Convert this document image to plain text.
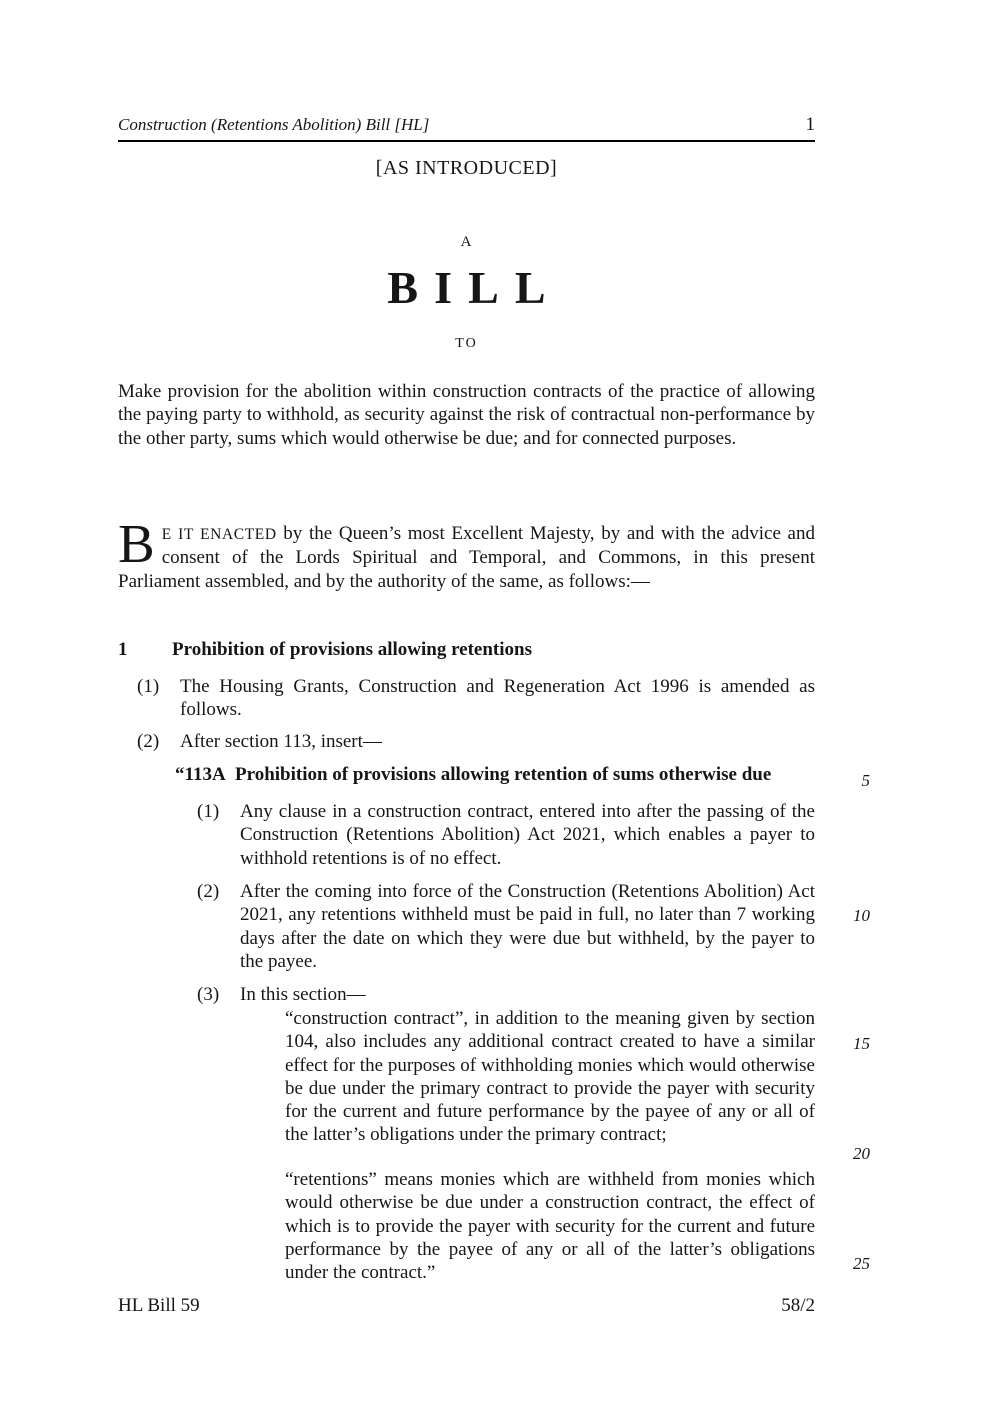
Construction (Retentions Abolition) Bill [HL]	1
[AS INTRODUCED]
A
BILL
TO
Make provision for the abolition within construction contracts of the practice of allowing the paying party to withhold, as security against the risk of contractual non-performance by the other party, sums which would otherwise be due; and for connected purposes.
B E IT ENACTED by the Queen’s most Excellent Majesty, by and with the advice and consent of the Lords Spiritual and Temporal, and Commons, in this present Parliament assembled, and by the authority of the same, as follows:—
1 Prohibition of provisions allowing retentions
(1) The Housing Grants, Construction and Regeneration Act 1996 is amended as follows.
(2) After section 113, insert—
“113A Prohibition of provisions allowing retention of sums otherwise due
(1) Any clause in a construction contract, entered into after the passing of the Construction (Retentions Abolition) Act 2021, which enables a payer to withhold retentions is of no effect.
(2) After the coming into force of the Construction (Retentions Abolition) Act 2021, any retentions withheld must be paid in full, no later than 7 working days after the date on which they were due but withheld, by the payer to the payee.
(3) In this section—
“construction contract”, in addition to the meaning given by section 104, also includes any additional contract created to have a similar effect for the purposes of withholding monies which would otherwise be due under the primary contract to provide the payer with security for the current and future performance by the payee of any or all of the latter’s obligations under the primary contract;
“retentions” means monies which are withheld from monies which would otherwise be due under a construction contract, the effect of which is to provide the payer with security for the current and future performance by the payee of any or all of the latter’s obligations under the contract.”
5
10
15
20
25
HL Bill 59	58/2
